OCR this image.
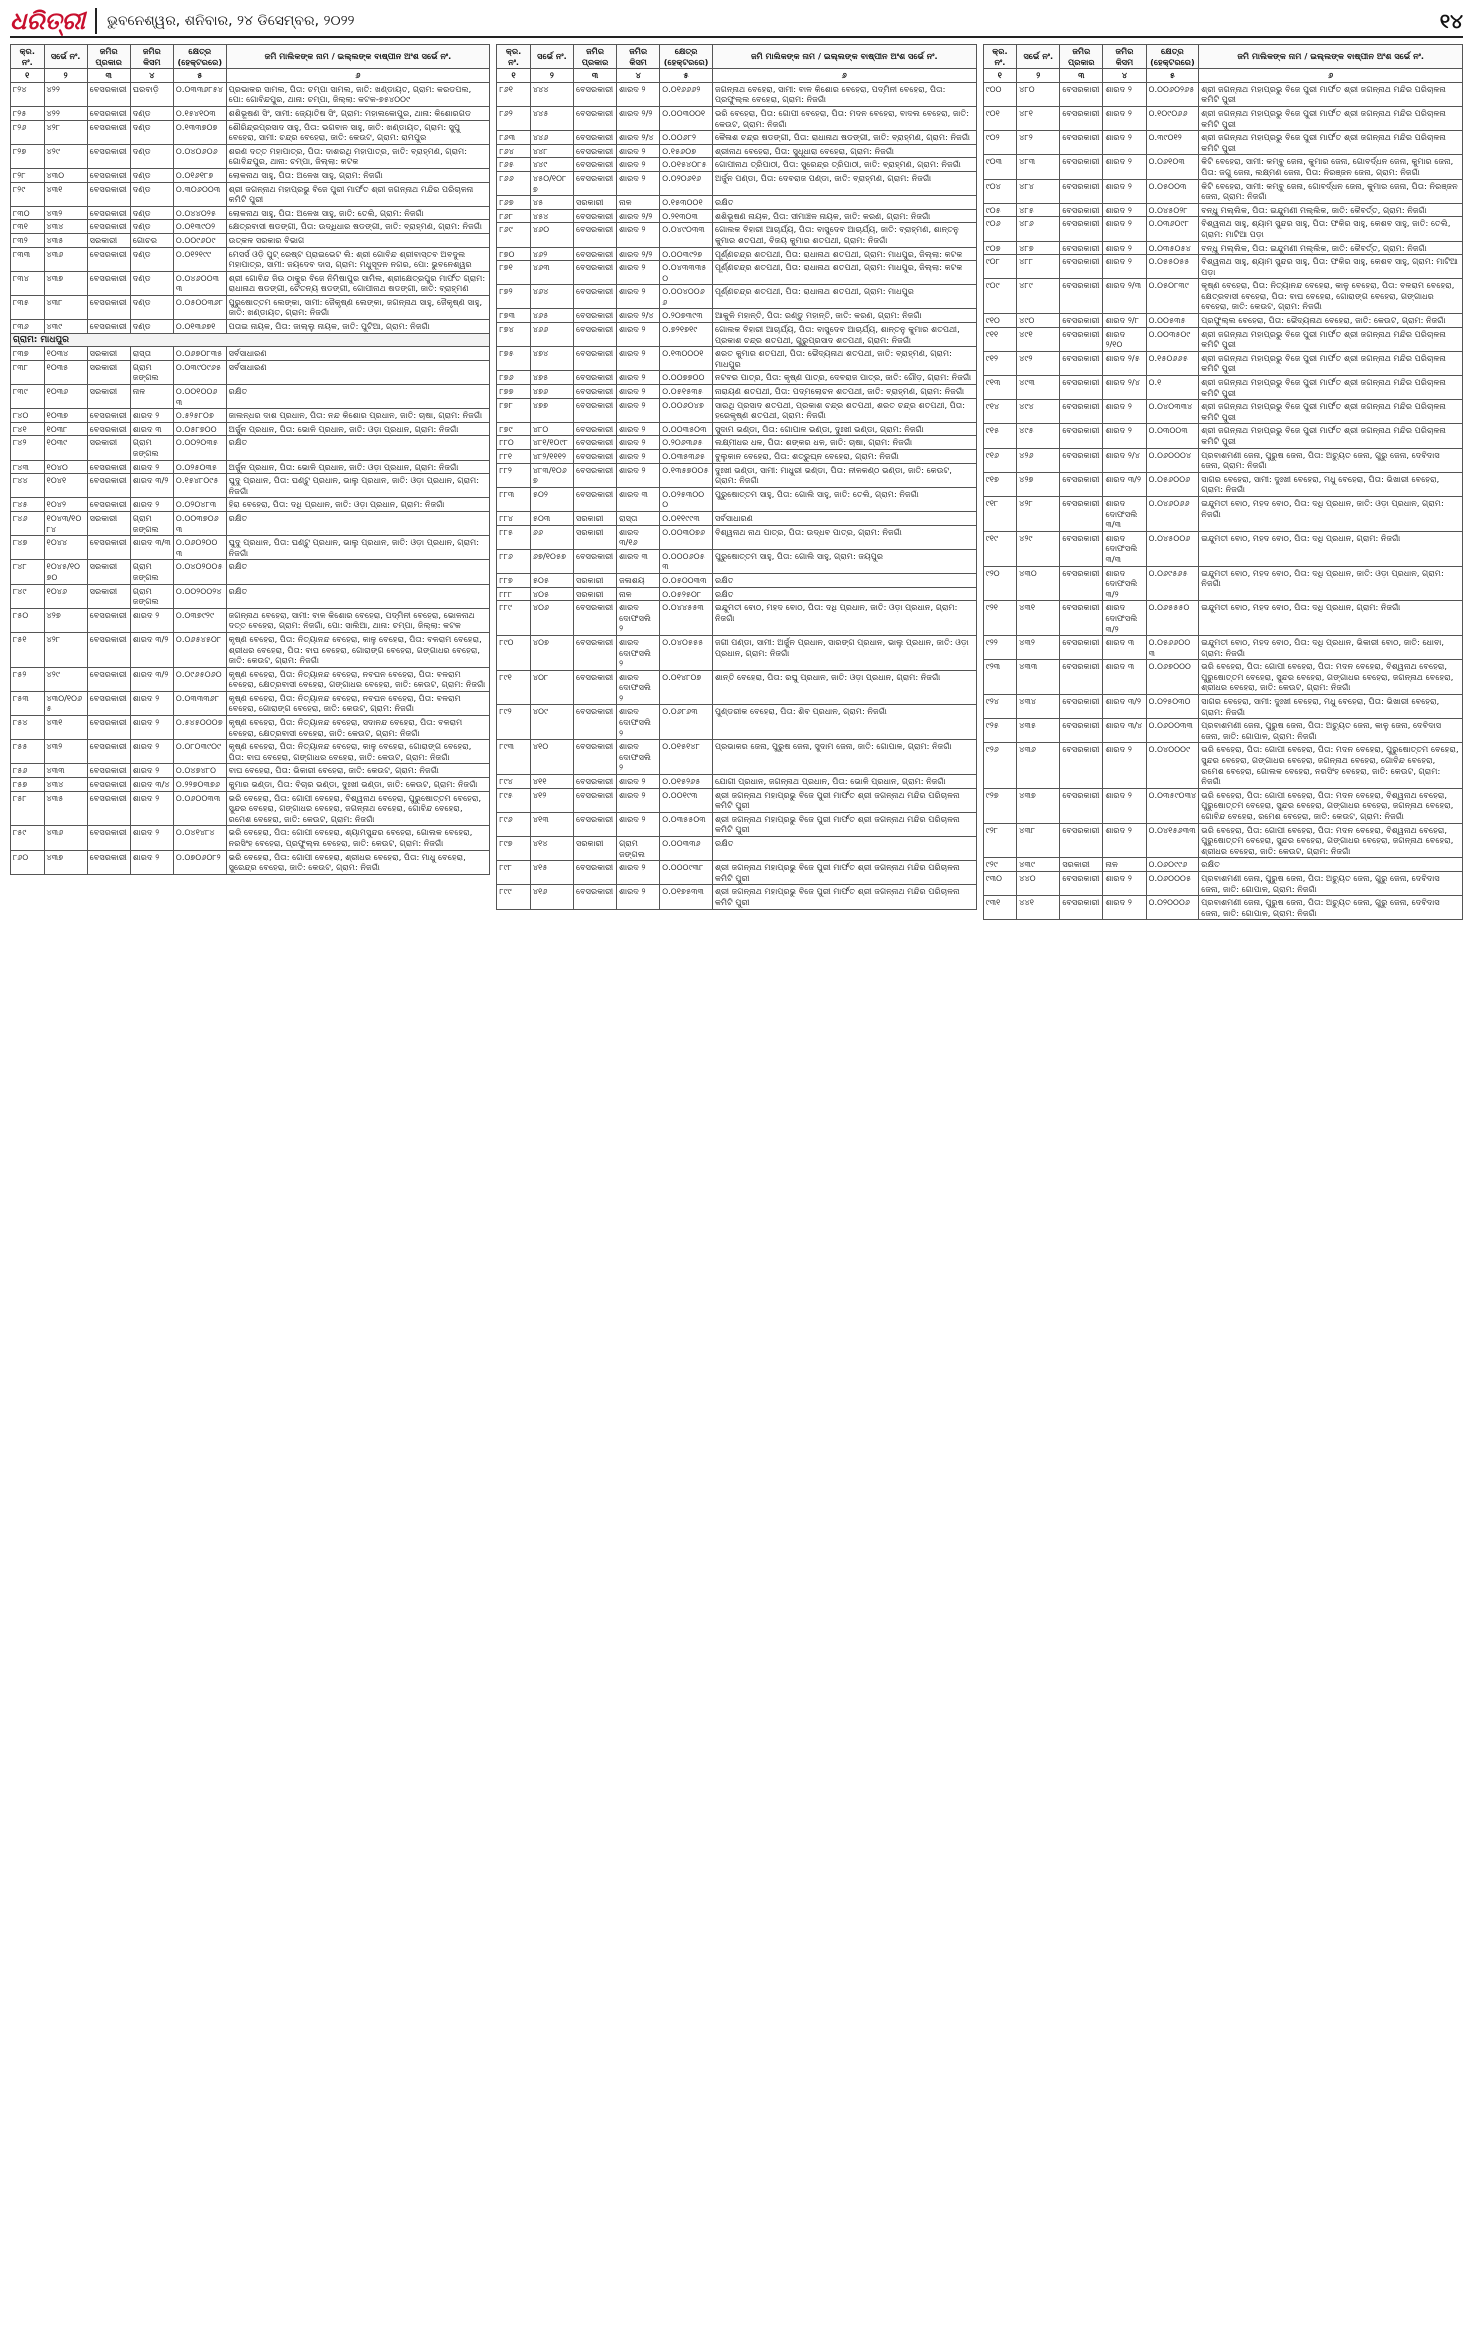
ଧରିତ୍ରୀ	ଭୁବନେଶ୍ୱର, ଶନିବାର, ୨୪ ଡିସେମ୍ବର, ୨୦୨୨	୧୪
କ୍ର. ନଂ.	ସର୍ଭେ ନଂ.	ଜମିର ପ୍ରକାର	ଜମିର କିସମ	କ୍ଷେତ୍ର (ହେକ୍ଟରରେ)	ଜମି ମାଲିକଙ୍କ ନାମ / ଇଲ୍ଲଙ୍କ ବାଷ୍ପୀନ ଅଂଶ ସର୍ଭେ ନଂ.
୧	୨	୩	୪	୫	୬
୮୨୪	୪୨୨	ବେସରକାରୀ	ଘରବାଡ଼ି	୦.୦୩୩୬୮୫୪	ପ୍ରଭାକର ସାମଲ, ପିତା: ଚମ୍ପା ସାମଲ, ଜାତି: ଖଣ୍ଡାୟତ, ଗ୍ରାମ: କରଡପଲ, ପୋ: ଗୋବିନ୍ଦପୁର, ଥାନା: ଚମ୍ପା, ଜିଲ୍ଲା: କଟକ-୭୫୪୦୦୯
୮୨୫	୪୨୨	ବେସରକାରୀ	ଦଣ୍ଡ	୦.୧୫୪୧୦୩	ଶଶିଭୂଷଣ ସିଂ, ସାମୀ: ଜ୍ୟୋତିଷ ସିଂ, ଗ୍ରାମ: ମହାଲକୋପୁର, ଥାନା: କିଶୋରଗଡ
୮୨୬	୪୨୮	ବେସରକାରୀ	ଦଣ୍ଡ	୦.୧୩୩୭୦୭	ଶୌରିନ୍ଦ୍ରପ୍ରସାଦ ସାହୁ, ପିତା: ଭଗବାନ ସାହୁ, ଜାତି: ଖଣ୍ଡାୟତ, ଗ୍ରାମ: ସୁପୁ ବେହେରା, ସାମୀ: ଚନ୍ଦ୍ର ବେହେରା, ଜାତି: କେଉଟ, ଗ୍ରାମ: ରାମପୁର
୮୨୭	୪୨୯	ବେସରକାରୀ	ଦଣ୍ଡ	୦.୦୪୦୬୦୬	ଶରଣ ଦତ୍ତ ମହାପାତ୍ର, ପିତା: ଦାଶରଥି ମହାପାତ୍ର, ଜାତି: ବ୍ରାହ୍ମଣ, ଗ୍ରାମ: ଗୋବିନ୍ଦପୁର, ଥାନା: ଚମ୍ପା, ଜିଲ୍ଲା: କଟକ
୮୨୮	୪୩୦	ବେସରକାରୀ	ଦଣ୍ଡ	୦.୦୧୬୧୮୭	ଲୋକନାଥ ସାହୁ, ପିତା: ଅଳେଖ ସାହୁ, ଗ୍ରାମ: ନିଜଗାଁ
୮୨୯	୪୩୧	ବେସରକାରୀ	ଦଣ୍ଡ	୦.୩୦୬୦୦୩	ଶ୍ରୀ ଜଗନ୍ନାଥ ମହାପ୍ରଭୁ ବିଜେ ପୁରୀ ମାର୍ଫତ ଶ୍ରୀ ଜଗନ୍ନାଥ ମନ୍ଦିର ପରିଚାଳନା କମିଟି ପୁରୀ
୮୩୦	୪୩୨	ବେସରକାରୀ	ଦଣ୍ଡ	୦.୦୪୪୦୨୫	ଲୋକନାଥ ସାହୁ, ପିତା: ଅଳେଖ ସାହୁ, ଜାତି: ତେଲି, ଗ୍ରାମ: ନିଜଗାଁ
୮୩୧	୪୩୪	ବେସରକାରୀ	ଦଣ୍ଡ	୦.୦୧୩୯୦୨	କ୍ଷେତ୍ରବାସୀ ଷଡଙ୍ଗୀ, ପିତା: ଉଦ୍ଧିଧାର ଷଡଙ୍ଗୀ, ଜାତି: ବ୍ରାହ୍ମଣ, ଗ୍ରାମ: ନିଜଗାଁ
୮୩୨	୪୩୫	ସରକାରୀ	ଗୋଚର	୦.୦୦୯୬୦୯	ଉତ୍କଳ ସରକାର ବିଭାଗ
୮୩୩	୪୩୬	ବେସରକାରୀ	ଦଣ୍ଡ	୦.୦୧୨୧୯୯	ମେସର୍ସ ଓଡ଼ି ପୁଟ୍ ରେଷ୍ଟ ପ୍ରାଇଭେଟ ଲି: ଶ୍ରୀ ଗୋବିନ୍ଦ ଶ୍ରୀବାସ୍ତବ ଅବଦୁଲ ମହାପାତ୍ର, ସାମୀ: ଜୟଦେବ ଦାସ, ଗ୍ରାମ: ମଧୁସୂଦନ ନଗର, ପୋ: ଭୁବନେଶ୍ୱର
୮୩୪	୪୩୭	ବେସରକାରୀ	ଦଣ୍ଡ	୦.୦୪୬୦୦୩୩	ଶ୍ରୀ ଗୋବିନ୍ଦ ଜିଉ ଠାକୁର ବିଜେ ନିମିଷାପୁର ସାମିଲ, ଶ୍ରୀକ୍ଷେତ୍ରପୁର ମାର୍ଫତ ଗ୍ରାମ: ରାଧାନାଥ ଷଡଙ୍ଗୀ, ଚୈତନ୍ୟ ଷଡଙ୍ଗୀ, ଗୋପୀନାଥ ଷଡଙ୍ଗୀ, ଜାତି: ବ୍ରାହ୍ମଣ
୮୩୫	୪୩୮	ବେସରକାରୀ	ଦଣ୍ଡ	୦.୦୫୦୦୩୬୮	ପୁରୁଷୋତ୍ତମ ଲେଙ୍କା, ସାମୀ: ଜୈକୃଷ୍ଣ ଲେଙ୍କା, ଜଗନ୍ନାଥ ସାହୁ, ଜୈକୃଷ୍ଣ ସାହୁ, ଜାତି: ଖଣ୍ଡାୟତ, ଗ୍ରାମ: ନିଜଗାଁ
୮୩୬	୪୩୯	ବେସରକାରୀ	ଦଣ୍ଡ	୦.୦୧୩୬୭୧	ପତାଇ ନାୟକ, ପିତା: ଜାଲ୍ଲୁ ନାୟକ, ଜାତି: ପୁଟିଆ, ଗ୍ରାମ: ନିଜଗାଁ
ଗ୍ରାମ: ମାଧପୁର					
୮୩୭	୧୦୩୪	ସରକାରୀ	ରାସ୍ତା	୦.୦୬୭୦୮୩୫	ସର୍ବସାଧାରଣ
୮୩୮	୧୦୩୫	ସରକାରୀ	ଗ୍ରାମ ଜଙ୍ଗଲ	୦.୦୩୯୦୯୬୫	ସର୍ବସାଧାରଣ
୮୩୯	୧୦୩୬	ସରକାରୀ	ନାଳ	୦.୦୦୧୦୦୬୩	ରକ୍ଷିତ
୮୪୦	୧୦୩୭	ବେସରକାରୀ	ଶାରଦ ୨	୦.୫୨୫୮୦୭	ଜାଲନ୍ଧର ଦାଶ ପ୍ରଧାନ, ପିତା: ନନ୍ଦ କିଶୋର ପ୍ରଧାନ, ଜାତି: ଚାଷା, ଗ୍ରାମ: ନିଜଗାଁ
୮୪୧	୧୦୩୮	ବେସରକାରୀ	ଶାରଦ ୩	୦.୦୫୮୭୦୦	ଅର୍ଜୁନ ପ୍ରଧାନ, ପିତା: ଭୋଳି ପ୍ରଧାନ, ଜାତି: ଓଡ଼ା ପ୍ରଧାନ, ଗ୍ରାମ: ନିଜଗାଁ
୮୪୨	୧୦୩୯	ସରକାରୀ	ଗ୍ରାମ ଜଙ୍ଗଲ	୦.୦୦୨୦୩୫	ରକ୍ଷିତ
୮୪୩	୧୦୪୦	ବେସରକାରୀ	ଶାରଦ ୨	୦.୦୨୫୦୩୫	ଅର୍ଜୁନ ପ୍ରଧାନ, ପିତା: ଭୋଳି ପ୍ରଧାନ, ଜାତି: ଓଡ଼ା ପ୍ରଧାନ, ଗ୍ରାମ: ନିଜଗାଁ
୮୪୪	୧୦୪୧	ବେସରକାରୀ	ଶାରଦ ୩/୨	୦.୧୫୪୮୦୯୫	ଘୁଦୁ ପ୍ରଧାନ, ପିତା: ଘଣ୍ଟୁ ପ୍ରଧାନ, ଭାଲୁ ପ୍ରଧାନ, ଜାତି: ଓଡ଼ା ପ୍ରଧାନ, ଗ୍ରାମ: ନିଜଗାଁ
୮୪୫	୧୦୪୨	ବେସରକାରୀ	ଶାରଦ ୨	୦.୦୨୦୪୮୩	ହିରା ବେହେରା, ପିତା: ଦଧି ପ୍ରଧାନ, ଜାତି: ଓଡ଼ା ପ୍ରଧାନ, ଗ୍ରାମ: ନିଜଗାଁ
୮୪୬	୧୦୪୩/୧୦୮୪	ସରକାରୀ	ଗ୍ରାମ ଜଙ୍ଗଲ	୦.୦୦୩୭୦୬୩	ରକ୍ଷିତ
୮୪୭	୧୦୪୪	ବେସରକାରୀ	ଶାରଦ ୩/୩	୦.୦୬୦୨୦୦୩	ଘୁଦୁ ପ୍ରଧାନ, ପିତା: ଘଣ୍ଟୁ ପ୍ରଧାନ, ଭାଲୁ ପ୍ରଧାନ, ଜାତି: ଓଡ଼ା ପ୍ରଧାନ, ଗ୍ରାମ: ନିଜଗାଁ
୮୪୮	୧୦୪୫/୧୦୭୦	ସରକାରୀ	ଗ୍ରାମ ଜଙ୍ଗଲ	୦.୦୪୦୨୦୦୫	ରକ୍ଷିତ
୮୪୯	୧୦୪୬	ସରକାରୀ	ଗ୍ରାମ ଜଙ୍ଗଲ	୦.୦୦୨୦୦୨୪	ରକ୍ଷିତ
୮୫୦	୪୨୭	ବେସରକାରୀ	ଶାରଦ ୨	୦.୦୩୭୯୨୯	ଜଗନ୍ନାଥ ବେହେରା, ସାମୀ: ବାଳ କିଶୋର ବେହେରା, ପଦ୍ମିନୀ ବେହେରା, ଭୋଳନାଥ ଦତ୍ତ ବେହେରା, ଗ୍ରାମ: ନିଜଗାଁ, ପୋ: ସାଲିଆ, ଥାନା: ଚମ୍ପା, ଜିଲ୍ଲା: କଟକ
୮୫୧	୪୨୮	ବେସରକାରୀ	ଶାରଦ ୩/୨	୦.୦୬୫୪୫୦୮	କୃଷ୍ଣ ବେହେରା, ପିତା: ନିତ୍ୟାନନ୍ଦ ବେହେରା, କାଳୁ ବେହେରା, ପିତା: ବଳରାମ ବେହେରା, ଶ୍ରୀଧର ବେହେରା, ପିତା: ବାଘ ବେହେରା, ଗୋରାଙ୍ଗ ବେହେରା, ଗଙ୍ଗାଧର ବେହେରା, ଜାତି: କେଉଟ, ଗ୍ରାମ: ନିଜଗାଁ
୮୫୨	୪୨୯	ବେସରକାରୀ	ଶାରଦ ୩/୨	୦.୦୯୬୫୦୬୦	କୃଷ୍ଣ ବେହେରା, ପିତା: ନିତ୍ୟାନନ୍ଦ ବେହେରା, ନବଘନ ବେହେରା, ପିତା: ବଳରାମ ବେହେରା, କ୍ଷେତ୍ରବାସୀ ବେହେରା, ଗଙ୍ଗାଧର ବେହେରା, ଜାତି: କେଉଟ, ଗ୍ରାମ: ନିଜଗାଁ
୮୫୩	୪୩୦/୧୦୬୫	ବେସରକାରୀ	ଶାରଦ ୨	୦.୦୩୩୩୬୮	କୃଷ୍ଣ ବେହେରା, ପିତା: ନିତ୍ୟାନନ୍ଦ ବେହେରା, ନବଘନ ବେହେରା, ପିତା: ବଳରାମ ବେହେରା, ଗୋରାଙ୍ଗ ବେହେରା, ଜାତି: କେଉଟ, ଗ୍ରାମ: ନିଜଗାଁ
୮୫୪	୪୩୧	ବେସରକାରୀ	ଶାରଦ ୨	୦.୫୪୫୦୦୦୭	କୃଷ୍ଣ ବେହେରା, ପିତା: ନିତ୍ୟାନନ୍ଦ ବେହେରା, ସଦାନନ୍ଦ ବେହେରା, ପିତା: ବଳରାମ ବେହେରା, କ୍ଷେତ୍ରବାସୀ ବେହେରା, ଜାତି: କେଉଟ, ଗ୍ରାମ: ନିଜଗାଁ
୮୫୫	୪୩୨	ବେସରକାରୀ	ଶାରଦ ୨	୦.୦୮୦୩୯୦୯	କୃଷ୍ଣ ବେହେରା, ପିତା: ନିତ୍ୟାନନ୍ଦ ବେହେରା, କାଳୁ ବେହେରା, ଗୋରାଙ୍ଗ ବେହେରା, ପିତା: ବାଘ ବେହେରା, ଗଙ୍ଗାଧର ବେହେରା, ଜାତି: କେଉଟ, ଗ୍ରାମ: ନିଜଗାଁ
୮୫୬	୪୩୩	ବେସରକାରୀ	ଶାରଦ ୨	୦.୦୪୭୪୮୦	ବାଘ ବେହେରା, ପିତା: ଭିକାରୀ ବେହେରା, ଜାତି: କେଉଟ, ଗ୍ରାମ: ନିଜଗାଁ
୮୫୭	୪୩୪	ବେସରକାରୀ	ଶାରଦ ୩/୪	୦.୨୨୭୦୩୭୬	କୁମାର ଭଣ୍ଡା, ପିତା: ବିଚାର ଭଣ୍ଡା, ଦୁଃଖୀ ଭଣ୍ଡା, ଜାତି: କେଉଟ, ଗ୍ରାମ: ନିଜଗାଁ
୮୫୮	୪୩୫	ବେସରକାରୀ	ଶାରଦ ୨	୦.୦୬୦୦୩୩	ଭରି ବେହେରା, ପିତା: ଗୋପୀ ବେହେରା, ବିଶ୍ୱନାଥ ବେହେରା, ପୁରୁଷୋତ୍ତମ ବେହେରା, ସୁନ୍ଦର ବେହେରା, ଗଙ୍ଗାଧର ବେହେରା, ଜଗନ୍ନାଥ ବେହେରା, ଗୋବିନ୍ଦ ବେହେରା, ରମେଶ ବେହେରା, ଜାତି: କେଉଟ, ଗ୍ରାମ: ନିଜଗାଁ
୮୫୯	୪୩୬	ବେସରକାରୀ	ଶାରଦ ୨	୦.୦୪୧୪୮୪	ଭରି ବେହେରା, ପିତା: ଗୋପୀ ବେହେରା, ଶ୍ୟାମସୁନ୍ଦର ବେହେରା, ଗୋଲକ ବେହେରା, ନରସିଂହ ବେହେରା, ପ୍ରଫୁଲ୍ଲ ବେହେରା, ଜାତି: କେଉଟ, ଗ୍ରାମ: ନିଜଗାଁ
୮୬୦	୪୩୭	ବେସରକାରୀ	ଶାରଦ ୨	୦.୦୭୦୬୦୮୨	ଭରି ବେହେରା, ପିତା: ଗୋପୀ ବେହେରା, ଶ୍ରୀଧର ବେହେରା, ପିତା: ମାଧୁ ବେହେରା, ସୁରେନ୍ଦ୍ର ବେହେରା, ଜାତି: କେଉଟ, ଗ୍ରାମ: ନିଜଗାଁ
କ୍ର. ନଂ.	ସର୍ଭେ ନଂ.	ଜମିର ପ୍ରକାର	ଜମିର କିସମ	କ୍ଷେତ୍ର (ହେକ୍ଟରରେ)	ଜମି ମାଲିକଙ୍କ ନାମ / ଇଲ୍ଲଙ୍କ ବାଷ୍ପୀନ ଅଂଶ ସର୍ଭେ ନଂ.
୧	୨	୩	୪	୫	୬
୮୬୧	୪୪୪	ବେସରକାରୀ	ଶାରଦ ୨	୦.୦୧୬୬୬୨	ଜଗନ୍ନାଥ ବେହେରା, ସାମୀ: ବାଳ କିଶୋର ବେହେରା, ପଦ୍ମିନୀ ବେହେରା, ପିତା: ପ୍ରଫୁଲ୍ଲ ବେହେରା, ଗ୍ରାମ: ନିଜଗାଁ
୮୬୨	୪୪୫	ବେସରକାରୀ	ଶାରଦ ୨/୨	୦.୦୦୩୦୦୧	ଭରି ବେହେରା, ପିତା: ଗୋପୀ ବେହେରା, ପିତା: ମଦନ ବେହେରା, ବାଦଲ ବେହେରା, ଜାତି: କେଉଟ, ଗ୍ରାମ: ନିଜଗାଁ
୮୬୩	୪୪୬	ବେସରକାରୀ	ଶାରଦ ୨/୪	୦.୦୦୬୮୨	କୈଳାଶ ଚନ୍ଦ୍ର ଷଡଙ୍ଗୀ, ପିତା: ରାଧାନାଥ ଷଡଙ୍ଗୀ, ଜାତି: ବ୍ରାହ୍ମଣ, ଗ୍ରାମ: ନିଜଗାଁ
୮୬୪	୪୪୮	ବେସରକାରୀ	ଶାରଦ ୨	୦.୧୫୬୦୭	ଶ୍ରୀନାଥ ବେହେରା, ପିତା: ସୁଧୂଧାରା ବେହେରା, ଗ୍ରାମ: ନିଜଗାଁ
୮୬୫	୪୪୯	ବେସରକାରୀ	ଶାରଦ ୨	୦.୦୧୫୪୦୮୫	ଗୋପୀନାଥ ତ୍ରିପାଠୀ, ପିତା: ସୁରେନ୍ଦ୍ର ତ୍ରିପାଠୀ, ଜାତି: ବ୍ରାହ୍ମଣ, ଗ୍ରାମ: ନିଜଗାଁ
୮୬୬	୪୫୦/୧୦୮୭	ବେସରକାରୀ	ଶାରଦ ୨	୦.୦୨୦୬୧୬	ଅର୍ଜୁନ ପଣ୍ଡା, ପିତା: ଦେବରାଜ ପଣ୍ଡା, ଜାତି: ବ୍ରାହ୍ମଣ, ଗ୍ରାମ: ନିଜଗାଁ
୮୬୭	୪୫	ସରକାରୀ	ନାଳ	୦.୧୫୩୦୦୧	ରକ୍ଷିତ
୮୬୮	୪୫୪	ବେସରକାରୀ	ଶାରଦ ୨/୨	୦.୨୧୩୦୩	ଶଶିଭୂଷଣ ନାୟକ, ପିତା: ସୀମାଞ୍ଚଳ ନାୟକ, ଜାତି: କରଣ, ଗ୍ରାମ: ନିଜଗାଁ
୮୬୯	୪୬୦	ବେସରକାରୀ	ଶାରଦ ୨	୦.୦୪୯୦୩୩	ଗୋଲକ ବିହାରୀ ଆଚାର୍ଯ୍ୟ, ପିତା: ବାସୁଦେବ ଆଚାର୍ଯ୍ୟ, ଜାତି: ବ୍ରାହ୍ମଣ, ଶାନ୍ତନୁ କୁମାର ଶତପଥୀ, ବିଜୟ କୁମାର ଶତପଥୀ, ଗ୍ରାମ: ନିଜଗାଁ
୮୭୦	୪୬୨	ବେସରକାରୀ	ଶାରଦ ୨/୨	୦.୦୦୩୯୨୭	ପୂର୍ଣ୍ଣଚନ୍ଦ୍ର ଶତପଥୀ, ପିତା: ରାଧାନାଥ ଶତପଥୀ, ଗ୍ରାମ: ମାଧପୁର, ଜିଲ୍ଲା: କଟକ
୮୭୧	୪୬୩	ବେସରକାରୀ	ଶାରଦ ୨	୦.୦୪୩୩୩୫୦	ପୂର୍ଣ୍ଣଚନ୍ଦ୍ର ଶତପଥୀ, ପିତା: ରାଧାନାଥ ଶତପଥୀ, ଗ୍ରାମ: ମାଧପୁର, ଜିଲ୍ଲା: କଟକ
୮୭୨	୪୬୪	ବେସରକାରୀ	ଶାରଦ ୨	୦.୦୦୪୦୦୬୬	ପୂର୍ଣ୍ଣଚନ୍ଦ୍ର ଶତପଥୀ, ପିତା: ରାଧାନାଥ ଶତପଥୀ, ଗ୍ରାମ: ମାଧପୁର
୮୭୩	୪୬୫	ବେସରକାରୀ	ଶାରଦ ୨/୪	୦.୨୦୭୩୯୩	ଆକୁଳି ମହାନ୍ତି, ପିତା: ରଣ୍ଡୁ ମହାନ୍ତି, ଜାତି: କରଣ, ଗ୍ରାମ: ନିଜଗାଁ
୮୭୪	୪୬୬	ବେସରକାରୀ	ଶାରଦ ୨	୦.୭୨୧୭୧୯	ଗୋଲକ ବିହାରୀ ଆଚାର୍ଯ୍ୟ, ପିତା: ବାସୁଦେବ ଆଚାର୍ଯ୍ୟ, ଶାନ୍ତନୁ କୁମାର ଶତପଥୀ, ପ୍ରକାଶ ଚନ୍ଦ୍ର ଶତପଥୀ, ଗୁରୁପ୍ରସାଦ ଶତପଥୀ, ଗ୍ରାମ: ନିଜଗାଁ
୮୭୫	୪୭୪	ବେସରକାରୀ	ଶାରଦ ୨	୦.୧୩୦୦୦୧	ଶରତ କୁମାର ଶତପଥୀ, ପିତା: ଭୈଦ୍ୟନାଥ ଶତପଥୀ, ଜାତି: ବ୍ରାହ୍ମଣ, ଗ୍ରାମ: ମାଧପୁର
୮୭୬	୪୭୫	ବେସରକାରୀ	ଶାରଦ ୨	୦.୦୦୭୭୦୦	ନଟବର ପାତ୍ର, ପିତା: କୃଷ୍ଣ ପାତ୍ର, ଦେବରାଜ ପାତ୍ର, ଜାତି: ଗୌଡ଼, ଗ୍ରାମ: ନିଜଗାଁ
୮୭୭	୪୭୬	ବେସରକାରୀ	ଶାରଦ ୨	୦.୦୫୧୫୩୫	ନାରାୟଣ ଶତପଥୀ, ପିତା: ପଦ୍ମଲୋଚନ ଶତପଥୀ, ଜାତି: ବ୍ରାହ୍ମଣ, ଗ୍ରାମ: ନିଜଗାଁ
୮୭୮	୪୭୭	ବେସରକାରୀ	ଶାରଦ ୨	୦.୦୦୬୦୪୭	ସାରଥି ପ୍ରସାଦ ଶତପଥୀ, ପ୍ରକାଶ ଚନ୍ଦ୍ର ଶତପଥୀ, ଶରତ ଚନ୍ଦ୍ର ଶତପଥୀ, ପିତା: ହରେକୃଷ୍ଣ ଶତପଥୀ, ଗ୍ରାମ: ନିଜଗାଁ
୮୭୯	୪୮୦	ବେସରକାରୀ	ଶାରଦ ୨	୦.୦୦୩୫୦୩	ସୁଦାମ ଭଣ୍ଡା, ପିତା: ଗୋପାଳ ଭଣ୍ଡା, ଦୁଃଖୀ ଭଣ୍ଡା, ଗ୍ରାମ: ନିଜଗାଁ
୮୮୦	୪୮୧/୧୦୯୮	ବେସରକାରୀ	ଶାରଦ ୨	୦.୨୦୬୩୬୫	ଲକ୍ଷ୍ମୀଧର ଧଳ, ପିତା: ଶଙ୍କର ଧଳ, ଜାତି: ଚାଷା, ଗ୍ରାମ: ନିଜଗାଁ
୮୮୧	୪୮୨/୧୧୧୨	ବେସରକାରୀ	ଶାରଦ ୨	୦.୦୩୫୩୬୫	ବୁଲୁକାନ ବେହେରା, ପିତା: ଶତ୍ରୁଘ୍ନ ବେହେରା, ଗ୍ରାମ: ନିଜଗାଁ
୮୮୨	୪୮୩/୧୦୬୭	ବେସରକାରୀ	ଶାରଦ ୨	୦.୧୩୫୭୦୦୫	ଦୁଃଖୀ ଭଣ୍ଡା, ସାମୀ: ମାଧୁରୀ ଭଣ୍ଡା, ପିତା: ନୀଳକଣ୍ଠ ଭଣ୍ଡା, ଜାତି: କେଉଟ, ଗ୍ରାମ: ନିଜଗାଁ
୮୮୩	୫୦୨	ବେସରକାରୀ	ଶାରଦ ୩	୦.୦୨୫୩୦୦୦	ପୁରୁଷୋତ୍ତମ ସାହୁ, ପିତା: ଗୋଲି ସାହୁ, ଜାତି: ତେଲି, ଗ୍ରାମ: ନିଜଗାଁ
୮୮୪	୫୦୩	ସରକାରୀ	ରାସ୍ତା	୦.୦୧୧୯୯୩	ସର୍ବସାଧାରଣ
୮୮୫	୬୬	ସରକାରୀ	ଶାରଦ ୩/୧୬	୦.୦୦୩୦୭୬	ବିଶ୍ୱନାଥ ନାଥ ପାତ୍ର, ପିତା: ଉଦ୍ଧବ ପାତ୍ର, ଗ୍ରାମ: ନିଜଗାଁ
୮୮୬	୬୭/୧୦୫୭	ବେସରକାରୀ	ଶାରଦ ୩	୦.୦୦୦୬୦୫୩	ପୁରୁଷୋତ୍ତମ ସାହୁ, ପିତା: ଗୋଲି ସାହୁ, ଗ୍ରାମ: ଜୟପୁର
୮୮୭	୫୦୫	ସରକାରୀ	ଜଳାଶୟ	୦.୦୫୦୦୩୩	ରକ୍ଷିତ
୮୮୮	୪୦୫	ସରକାରୀ	ନାଳ	୦.୦୫୨୫୦୮	ରକ୍ଷିତ
୮୮୯	୪୦୬	ବେସରକାରୀ	ଶାରଦ ଦୋଫସଲି ୨	୦.୦୪୪୫୫୩	ଇନ୍ଦୁମତୀ ବୋଠ, ମହଦ ବୋଠ, ପିତା: ଦଧି ପ୍ରଧାନ, ଜାତି: ଓଡ଼ା ପ୍ରଧାନ, ଗ୍ରାମ: ନିଜଗାଁ
୮୯୦	୪୦୭	ବେସରକାରୀ	ଶାରଦ ଦୋଫସଲି ୨	୦.୦୪୦୫୫୫	ଜଗୀ ପଣ୍ଡା, ସାମୀ: ଅର୍ଜୁନ ପ୍ରଧାନ, ସାରଙ୍ଗ ପ୍ରଧାନ, ଭାଲୁ ପ୍ରଧାନ, ଜାତି: ଓଡ଼ା ପ୍ରଧାନ, ଗ୍ରାମ: ନିଜଗାଁ
୮୯୧	୪୦୮	ବେସରକାରୀ	ଶାରଦ ଦୋଫସଲି ୨	୦.୦୧୪୮୦୭	ଶାନ୍ତି ବେହେରା, ପିତା: ରଘୁ ପ୍ରଧାନ, ଜାତି: ଓଡ଼ା ପ୍ରଧାନ, ଗ୍ରାମ: ନିଜଗାଁ
୮୯୨	୪୦୯	ବେସରକାରୀ	ଶାରଦ ଦୋଫସଲି ୨	୦.୦୬୮୬୩	ପୁଣ୍ଡରୀକ ବେହେରା, ପିତା: ଶିବ ପ୍ରଧାନ, ଗ୍ରାମ: ନିଜଗାଁ
୮୯୩	୪୧୦	ବେସରକାରୀ	ଶାରଦ ଦୋଫସଲି ୨	୦.୦୧୫୧୪୮	ପ୍ରଭାକର ଜେନା, ପୁରୁଷ ଜେନା, ସୁଦାମ ଜେନା, ଜାତି: ଗୋପାଳ, ଗ୍ରାମ: ନିଜଗାଁ
୮୯୪	୪୧୧	ବେସରକାରୀ	ଶାରଦ ୨	୦.୦୧୫୨୬୫	ଯୋଗୀ ପ୍ରଧାନ, ଜଗନ୍ନାଥ ପ୍ରଧାନ, ପିତା: ଭୋଳି ପ୍ରଧାନ, ଗ୍ରାମ: ନିଜଗାଁ
୮୯୫	୪୧୨	ବେସରକାରୀ	ଶାରଦ ୨	୦.୦୦୧୯୩	ଶ୍ରୀ ଜଗନ୍ନାଥ ମହାପ୍ରଭୁ ବିଜେ ପୁରୀ ମାର୍ଫତ ଶ୍ରୀ ଜଗନ୍ନାଥ ମନ୍ଦିର ପରିଚାଳନା କମିଟି ପୁରୀ
୮୯୬	୪୧୩	ବେସରକାରୀ	ଶାରଦ ୨	୦.୦୩୫୫୦୩	ଶ୍ରୀ ଜଗନ୍ନାଥ ମହାପ୍ରଭୁ ବିଜେ ପୁରୀ ମାର୍ଫତ ଶ୍ରୀ ଜଗନ୍ନାଥ ମନ୍ଦିର ପରିଚାଳନା କମିଟି ପୁରୀ
୮୯୭	୪୧୪	ସରକାରୀ	ଗ୍ରାମ ଜଙ୍ଗଲ	୦.୦୦୩୩୬	ରକ୍ଷିତ
୮୯୮	୪୧୫	ବେସରକାରୀ	ଶାରଦ ୨	୦.୦୦୦୯୩୮	ଶ୍ରୀ ଜଗନ୍ନାଥ ମହାପ୍ରଭୁ ବିଜେ ପୁରୀ ମାର୍ଫତ ଶ୍ରୀ ଜଗନ୍ନାଥ ମନ୍ଦିର ପରିଚାଳନା କମିଟି ପୁରୀ
୮୯୯	୪୧୬	ବେସରକାରୀ	ଶାରଦ ୨	୦.୦୧୭୫୩୩	ଶ୍ରୀ ଜଗନ୍ନାଥ ମହାପ୍ରଭୁ ବିଜେ ପୁରୀ ମାର୍ଫତ ଶ୍ରୀ ଜଗନ୍ନାଥ ମନ୍ଦିର ପରିଚାଳନା କମିଟି ପୁରୀ
କ୍ର. ନଂ.	ସର୍ଭେ ନଂ.	ଜମିର ପ୍ରକାର	ଜମିର କିସମ	କ୍ଷେତ୍ର (ହେକ୍ଟରରେ)	ଜମି ମାଲିକଙ୍କ ନାମ / ଇଲ୍ଲଙ୍କ ବାଷ୍ପୀନ ଅଂଶ ସର୍ଭେ ନଂ.
୧	୨	୩	୪	୫	୬
୯୦୦	୪୮୦	ବେସରକାରୀ	ଶାରଦ ୨	୦.୦୦୬୦୨୬୫	ଶ୍ରୀ ଜଗନ୍ନାଥ ମହାପ୍ରଭୁ ବିଜେ ପୁରୀ ମାର୍ଫତ ଶ୍ରୀ ଜଗନ୍ନାଥ ମନ୍ଦିର ପରିଚାଳନା କମିଟି ପୁରୀ
୯୦୧	୪୮୧	ବେସରକାରୀ	ଶାରଦ ୨	୦.୧୦୯୦୬୬	ଶ୍ରୀ ଜଗନ୍ନାଥ ମହାପ୍ରଭୁ ବିଜେ ପୁରୀ ମାର୍ଫତ ଶ୍ରୀ ଜଗନ୍ନାଥ ମନ୍ଦିର ପରିଚାଳନା କମିଟି ପୁରୀ
୯୦୨	୪୮୨	ବେସରକାରୀ	ଶାରଦ ୨	୦.୩୯୦୧୨	ଶ୍ରୀ ଜଗନ୍ନାଥ ମହାପ୍ରଭୁ ବିଜେ ପୁରୀ ମାର୍ଫତ ଶ୍ରୀ ଜଗନ୍ନାଥ ମନ୍ଦିର ପରିଚାଳନା କମିଟି ପୁରୀ
୯୦୩	୪୮୩	ବେସରକାରୀ	ଶାରଦ ୨	୦.୦୬୧୦୩	କିଟି ବେହେରା, ସାମୀ: କମ୍ବୁ ଜେନା, କୁମାର ଜେନା, ଗୋବର୍ଦ୍ଧନ ଜେନା, କୁମାର ଜେନା, ପିତା: ଜଗୁ ଜେନା, ଲକ୍ଷ୍ମଣ ଜେନା, ପିତା: ନିରଞ୍ଜନ ଜେନା, ଗ୍ରାମ: ନିଜଗାଁ
୯୦୪	୪୮୪	ବେସରକାରୀ	ଶାରଦ ୨	୦.୦୫୦୦୩	କିଟି ବେହେରା, ସାମୀ: କମ୍ବୁ ଜେନା, ଗୋବର୍ଦ୍ଧନ ଜେନା, କୁମାର ଜେନା, ପିତା: ନିରଞ୍ଜନ ଜେନା, ଗ୍ରାମ: ନିଜଗାଁ
୯୦୫	୪୮୫	ବେସରକାରୀ	ଶାରଦ ୨	୦.୦୪୫୦୨୮	ବନ୍ଧୁ ମଲ୍ଲିକ, ପିତା: ଇନ୍ଦୁମଣୀ ମଲ୍ଲିକ, ଜାତି: କୈବର୍ତ୍ତ, ଗ୍ରାମ: ନିଜଗାଁ
୯୦୬	୪୮୬	ବେସରକାରୀ	ଶାରଦ ୨	୦.୦୩୬୦୯୮	ବିଶ୍ୱନାଥ ସାହୁ, ଶ୍ୟାମ ସୁନ୍ଦର ସାହୁ, ପିତା: ଫକିର ସାହୁ, କେଶବ ସାହୁ, ଜାତି: ତେଲି, ଗ୍ରାମ: ମାଟିଆ ପଡ଼ା
୯୦୭	୪୮୭	ବେସରକାରୀ	ଶାରଦ ୨	୦.୦୩୫୦୫୪	ବନ୍ଧୁ ମଲ୍ଲିକ, ପିତା: ଇନ୍ଦୁମଣୀ ମଲ୍ଲିକ, ଜାତି: କୈବର୍ତ୍ତ, ଗ୍ରାମ: ନିଜଗାଁ
୯୦୮	୪୮୮	ବେସରକାରୀ	ଶାରଦ ୨	୦.୦୫୫୦୫୫	ବିଶ୍ୱନାଥ ସାହୁ, ଶ୍ୟାମ ସୁନ୍ଦର ସାହୁ, ପିତା: ଫକିର ସାହୁ, କେଶବ ସାହୁ, ଗ୍ରାମ: ମାଟିଆ ପଡ଼ା
୯୦୯	୪୮୯	ବେସରକାରୀ	ଶାରଦ ୨/୩	୦.୦୫୦୮୩୯	କୃଷ୍ଣ ବେହେରା, ପିତା: ନିତ୍ୟାନନ୍ଦ ବେହେରା, କାଳୁ ବେହେରା, ପିତା: ବଳରାମ ବେହେରା, କ୍ଷେତ୍ରବାସୀ ବେହେରା, ପିତା: ବାଘ ବେହେରା, ଗୋରାଙ୍ଗ ବେହେରା, ଗଙ୍ଗାଧର ବେହେରା, ଜାତି: କେଉଟ, ଗ୍ରାମ: ନିଜଗାଁ
୯୧୦	୪୯୦	ବେସରକାରୀ	ଶାରଦ ୨/୮	୦.୦୦୫୩୫	ପ୍ରଫୁଲ୍ଲ ବେହେରା, ପିତା: ଭୈଦ୍ୟନାଥ ବେହେରା, ଜାତି: କେଉଟ, ଗ୍ରାମ: ନିଜଗାଁ
୯୧୧	୪୯୧	ବେସରକାରୀ	ଶାରଦ ୨/୧୦	୦.୦୦୩୫୦୯	ଶ୍ରୀ ଜଗନ୍ନାଥ ମହାପ୍ରଭୁ ବିଜେ ପୁରୀ ମାର୍ଫତ ଶ୍ରୀ ଜଗନ୍ନାଥ ମନ୍ଦିର ପରିଚାଳନା କମିଟି ପୁରୀ
୯୧୨	୪୯୨	ବେସରକାରୀ	ଶାରଦ ୨/୫	୦.୧୫୦୬୬୫	ଶ୍ରୀ ଜଗନ୍ନାଥ ମହାପ୍ରଭୁ ବିଜେ ପୁରୀ ମାର୍ଫତ ଶ୍ରୀ ଜଗନ୍ନାଥ ମନ୍ଦିର ପରିଚାଳନା କମିଟି ପୁରୀ
୯୧୩	୪୯୩	ବେସରକାରୀ	ଶାରଦ ୨/୪	୦.୧	ଶ୍ରୀ ଜଗନ୍ନାଥ ମହାପ୍ରଭୁ ବିଜେ ପୁରୀ ମାର୍ଫତ ଶ୍ରୀ ଜଗନ୍ନାଥ ମନ୍ଦିର ପରିଚାଳନା କମିଟି ପୁରୀ
୯୧୪	୪୯୪	ବେସରକାରୀ	ଶାରଦ ୨	୦.୦୪୦୩୩୪	ଶ୍ରୀ ଜଗନ୍ନାଥ ମହାପ୍ରଭୁ ବିଜେ ପୁରୀ ମାର୍ଫତ ଶ୍ରୀ ଜଗନ୍ନାଥ ମନ୍ଦିର ପରିଚାଳନା କମିଟି ପୁରୀ
୯୧୫	୪୯୫	ବେସରକାରୀ	ଶାରଦ ୨	୦.୦୩୦୦୩	ଶ୍ରୀ ଜଗନ୍ନାଥ ମହାପ୍ରଭୁ ବିଜେ ପୁରୀ ମାର୍ଫତ ଶ୍ରୀ ଜଗନ୍ନାଥ ମନ୍ଦିର ପରିଚାଳନା କମିଟି ପୁରୀ
୯୧୬	୪୨୬	ବେସରକାରୀ	ଶାରଦ ୨/୪	୦.୦୬୦୦୦୪	ପ୍ରବାଶମଣୀ ଜେନା, ପୁରୁଷ ଜେନା, ପିତା: ଅଚ୍ୟୁତ ଜେନା, ଗୁରୁ ଜେନା, ଦେବିଦାସ ଜେନା, ଗ୍ରାମ: ନିଜଗାଁ
୯୧୭	୪୨୭	ବେସରକାରୀ	ଶାରଦ ୩/୨	୦.୦୫୬୦୦୬	ସାଗର ବେହେରା, ସାମୀ: ଦୁଃଖୀ ବେହେରା, ମଧୁ ବେହେରା, ପିତା: ଭିଖାରୀ ବେହେରା, ଗ୍ରାମ: ନିଜଗାଁ
୯୧୮	୪୨୮	ବେସରକାରୀ	ଶାରଦ ଦୋଫସଲି ୩/୩	୦.୦୪୬୦୬୬	ଇନ୍ଦୁମତୀ ବୋଠ, ମହଦ ବୋଠ, ପିତା: ଦଧି ପ୍ରଧାନ, ଜାତି: ଓଡ଼ା ପ୍ରଧାନ, ଗ୍ରାମ: ନିଜଗାଁ
୯୧୯	୪୨୯	ବେସରକାରୀ	ଶାରଦ ଦୋଫସଲି ୩/୩	୦.୦୪୫୦୦୬	ଇନ୍ଦୁମତୀ ବୋଠ, ମହଦ ବୋଠ, ପିତା: ଦଧି ପ୍ରଧାନ, ଗ୍ରାମ: ନିଜଗାଁ
୯୨୦	୪୩୦	ବେସରକାରୀ	ଶାରଦ ଦୋଫସଲି ୩/୨	୦.୦୬୯୫୬୫	ଇନ୍ଦୁମତୀ ବୋଠ, ମହଦ ବୋଠ, ପିତା: ଦଧି ପ୍ରଧାନ, ଜାତି: ଓଡ଼ା ପ୍ରଧାନ, ଗ୍ରାମ: ନିଜଗାଁ
୯୨୧	୪୩୧	ବେସରକାରୀ	ଶାରଦ ଦୋଫସଲି ୩/୨	୦.୦୬୫୫୫୦	ଇନ୍ଦୁମତୀ ବୋଠ, ମହଦ ବୋଠ, ପିତା: ଦଧି ପ୍ରଧାନ, ଗ୍ରାମ: ନିଜଗାଁ
୯୨୨	୪୩୨	ବେସରକାରୀ	ଶାରଦ ୩	୦.୦୫୬୬୦୦୩	ଇନ୍ଦୁମତୀ ବୋଠ, ମହଦ ବୋଠ, ପିତା: ଦଧି ପ୍ରଧାନ, ଭିକାରୀ ବୋଠ, ଜାତି: ଧୋବା, ଗ୍ରାମ: ନିଜଗାଁ
୯୨୩	୪୩୩	ବେସରକାରୀ	ଶାରଦ ୩	୦.୦୬୭୦୦୦	ଭରି ବେହେରା, ପିତା: ଗୋପୀ ବେହେରା, ପିତା: ମଦନ ବେହେରା, ବିଶ୍ୱନାଥ ବେହେରା, ପୁରୁଷୋତ୍ତମ ବେହେରା, ସୁନ୍ଦର ବେହେରା, ଗଙ୍ଗାଧର ବେହେରା, ଜଗନ୍ନାଥ ବେହେରା, ଶ୍ରୀଧର ବେହେରା, ଜାତି: କେଉଟ, ଗ୍ରାମ: ନିଜଗାଁ
୯୨୪	୪୩୪	ବେସରକାରୀ	ଶାରଦ ୩/୨	୦.୦୨୫୦୩୦	ସାଗର ବେହେରା, ସାମୀ: ଦୁଃଖୀ ବେହେରା, ମଧୁ ବେହେରା, ପିତା: ଭିଖାରୀ ବେହେରା, ଗ୍ରାମ: ନିଜଗାଁ
୯୨୫	୪୩୫	ବେସରକାରୀ	ଶାରଦ ୩/୪	୦.୦୬୦୦୩୩	ପ୍ରବାଶମଣୀ ଜେନା, ପୁରୁଷ ଜେନା, ପିତା: ଅଚ୍ୟୁତ ଜେନା, କାଳୁ ଜେନା, ଦେବିଦାସ ଜେନା, ଜାତି: ଗୋପାଳ, ଗ୍ରାମ: ନିଜଗାଁ
୯୨୬	୪୩୬	ବେସରକାରୀ	ଶାରଦ ୨	୦.୦୪୦୦୦୯	ଭରି ବେହେରା, ପିତା: ଗୋପୀ ବେହେରା, ପିତା: ମଦନ ବେହେରା, ପୁରୁଷୋତ୍ତମ ବେହେରା, ସୁନ୍ଦର ବେହେରା, ଗଙ୍ଗାଧର ବେହେରା, ଜଗନ୍ନାଥ ବେହେରା, ଗୋବିନ୍ଦ ବେହେରା, ରମେଶ ବେହେରା, ଗୋଲକ ବେହେରା, ନରସିଂହ ବେହେରା, ଜାତି: କେଉଟ, ଗ୍ରାମ: ନିଜଗାଁ
୯୨୭	୪୩୭	ବେସରକାରୀ	ଶାରଦ ୨	୦.୦୩୫୯୦୩୪	ଭରି ବେହେରା, ପିତା: ଗୋପୀ ବେହେରା, ପିତା: ମଦନ ବେହେରା, ବିଶ୍ୱନାଥ ବେହେରା, ପୁରୁଷୋତ୍ତମ ବେହେରା, ସୁନ୍ଦର ବେହେରା, ଗଙ୍ଗାଧର ବେହେରା, ଜଗନ୍ନାଥ ବେହେରା, ଗୋବିନ୍ଦ ବେହେରା, ରମେଶ ବେହେରା, ଜାତି: କେଉଟ, ଗ୍ରାମ: ନିଜଗାଁ
୯୨୮	୪୩୮	ବେସରକାରୀ	ଶାରଦ ୨	୦.୦୪୧୫୬୩୩	ଭରି ବେହେରା, ପିତା: ଗୋପୀ ବେହେରା, ପିତା: ମଦନ ବେହେରା, ବିଶ୍ୱନାଥ ବେହେରା, ପୁରୁଷୋତ୍ତମ ବେହେରା, ସୁନ୍ଦର ବେହେରା, ଗଙ୍ଗାଧର ବେହେରା, ଜଗନ୍ନାଥ ବେହେରା, ଶ୍ରୀଧର ବେହେରା, ଜାତି: କେଉଟ, ଗ୍ରାମ: ନିଜଗାଁ
୯୨୯	୪୩୯	ସରକାରୀ	ନାଳ	୦.୦୬୦୯୯୬	ରକ୍ଷିତ
୯୩୦	୪୪୦	ବେସରକାରୀ	ଶାରଦ ୨	୦.୦୬୦୦୦୫	ପ୍ରବାଶମଣୀ ଜେନା, ପୁରୁଷ ଜେନା, ପିତା: ଅଚ୍ୟୁତ ଜେନା, ଗୁରୁ ଜେନା, ଦେବିଦାସ ଜେନା, ଜାତି: ଗୋପାଳ, ଗ୍ରାମ: ନିଜଗାଁ
୯୩୧	୪୪୧	ବେସରକାରୀ	ଶାରଦ ୨	୦.୦୨୦୦୦୬	ପ୍ରବାଶମଣୀ ଜେନା, ପୁରୁଷ ଜେନା, ପିତା: ଅଚ୍ୟୁତ ଜେନା, ଗୁରୁ ଜେନା, ଦେବିଦାସ ଜେନା, ଜାତି: ଗୋପାଳ, ଗ୍ରାମ: ନିଜଗାଁ
